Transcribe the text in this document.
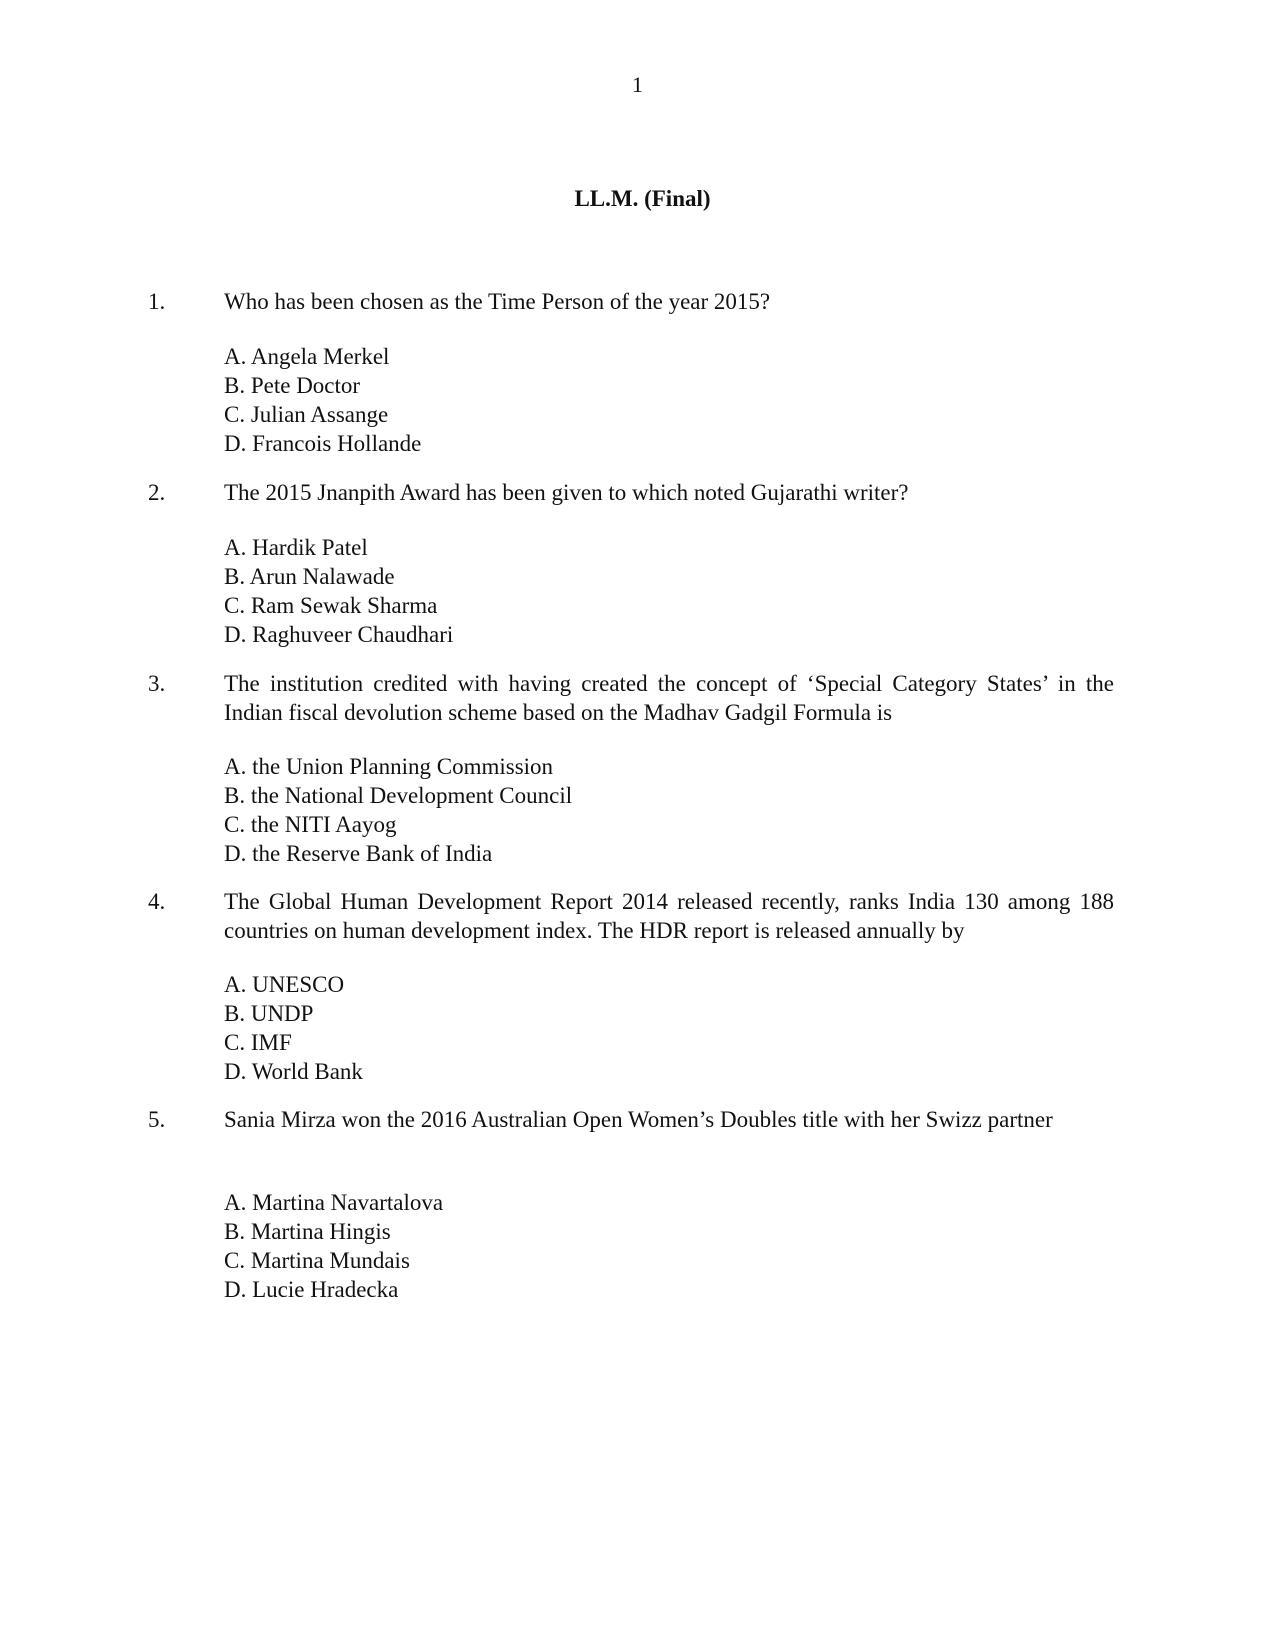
1
LL.M. (Final)
1.	Who has been chosen as the Time Person of the year 2015?
A. Angela Merkel
B. Pete Doctor
C. Julian Assange
D. Francois Hollande
2.	The 2015 Jnanpith Award has been given to which noted Gujarathi writer?
A. Hardik Patel
B. Arun Nalawade
C. Ram Sewak Sharma
D. Raghuveer Chaudhari
3.	The institution credited with having created the concept of ‘Special Category States’ in the Indian fiscal devolution scheme based on the Madhav Gadgil Formula is
A. the Union Planning Commission
B. the National Development Council
C. the NITI Aayog
D. the Reserve Bank of India
4.	The Global Human Development Report 2014 released recently, ranks India 130 among 188 countries on human development index. The HDR report is released annually by
A. UNESCO
B. UNDP
C. IMF
D. World Bank
5.	Sania Mirza won the 2016 Australian Open Women’s Doubles title with her Swizz partner
A. Martina Navartalova
B. Martina Hingis
C. Martina Mundais
D. Lucie Hradecka
